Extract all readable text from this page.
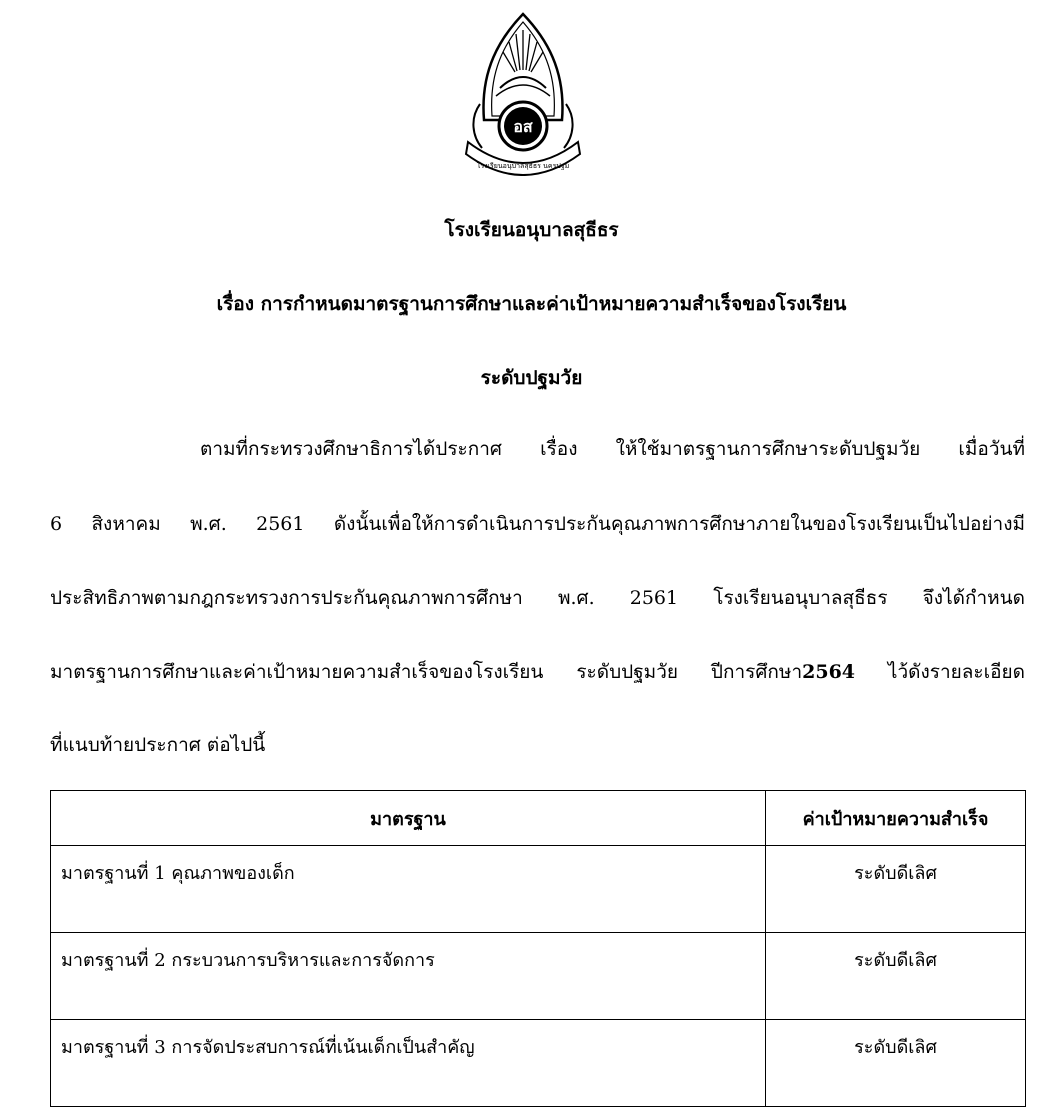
อส
โรงเรียนอนุบาลสุธีธร นครปฐม
โรงเรียนอนุบาลสุธีธร
เรื่อง การกำหนดมาตรฐานการศึกษาและค่าเป้าหมายความสำเร็จของโรงเรียน
ระดับปฐมวัย
ตามที่กระทรวงศึกษาธิการได้ประกาศ เรื่อง ให้ใช้มาตรฐานการศึกษาระดับปฐมวัย เมื่อวันที่
6 สิงหาคม พ.ศ. 2561 ดังนั้นเพื่อให้การดำเนินการประกันคุณภาพการศึกษาภายในของโรงเรียนเป็นไปอย่างมี
ประสิทธิภาพตามกฎกระทรวงการประกันคุณภาพการศึกษา พ.ศ. 2561 โรงเรียนอนุบาลสุธีธร จึงได้กำหนด
มาตรฐานการศึกษาและค่าเป้าหมายความสำเร็จของโรงเรียน ระดับปฐมวัย ปีการศึกษา2564 ไว้ดังรายละเอียด
ที่แนบท้ายประกาศ ต่อไปนี้
มาตรฐาน	ค่าเป้าหมายความสำเร็จ
มาตรฐานที่ 1 คุณภาพของเด็ก	ระดับดีเลิศ
มาตรฐานที่ 2 กระบวนการบริหารและการจัดการ	ระดับดีเลิศ
มาตรฐานที่ 3 การจัดประสบการณ์ที่เน้นเด็กเป็นสำคัญ	ระดับดีเลิศ
